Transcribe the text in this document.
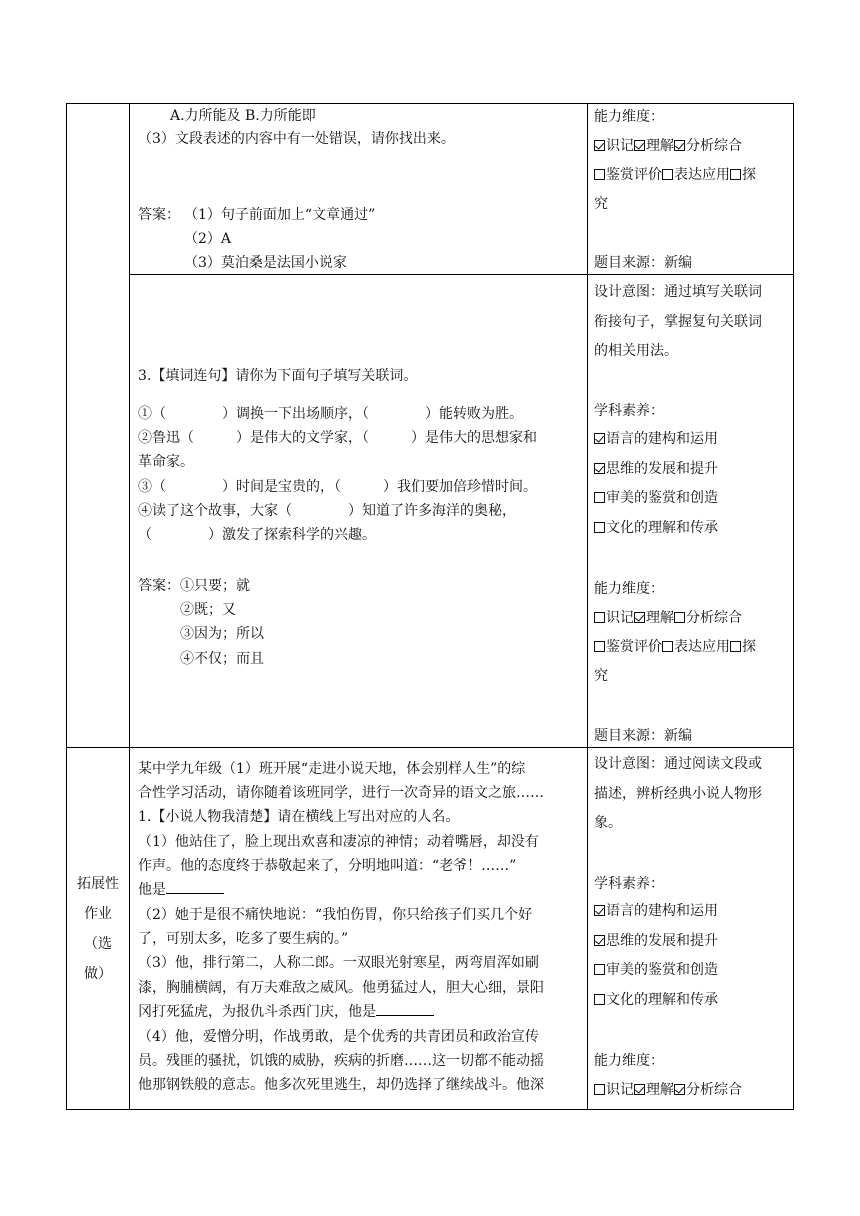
A.力所能及 B.力所能即
（3）文段表述的内容中有一处错误，请你找出来。
答案： （1）句子前面加上“文章通过”
（2）A
（3）莫泊桑是法国小说家
能力维度：
识记 理解 分析综合
鉴赏评价 表达应用 探
究
题目来源：新编
3.【填词连句】请你为下面句子填写关联词。
①（　　　　）调换一下出场顺序，（　　　　）能转败为胜。
②鲁迅（　　　）是伟大的文学家，（　　　）是伟大的思想家和
革命家。
③（　　　　）时间是宝贵的，（　　　）我们要加倍珍惜时间。
④读了这个故事，大家（　　　　）知道了许多海洋的奥秘，
（　　　　）激发了探索科学的兴趣。
答案： ①只要；就
②既；又
③因为；所以
④不仅；而且
设计意图：通过填写关联词
衔接句子，掌握复句关联词
的相关用法。
学科素养：
语言的建构和运用
思维的发展和提升
审美的鉴赏和创造
文化的理解和传承
能力维度：
识记 理解 分析综合
鉴赏评价 表达应用 探
究
题目来源：新编
拓展性
作业
（选
做）
某中学九年级（1）班开展“走进小说天地，体会别样人生”的综
合性学习活动，请你随着该班同学，进行一次奇异的语文之旅……
1.【小说人物我清楚】请在横线上写出对应的人名。
（1）他站住了，脸上现出欢喜和凄凉的神情；动着嘴唇，却没有
作声。他的态度终于恭敬起来了，分明地叫道：“老爷！……”
他是
（2）她于是很不痛快地说：“我怕伤胃，你只给孩子们买几个好
了，可别太多，吃多了要生病的。”
（3）他，排行第二，人称二郎。一双眼光射寒星，两弯眉浑如刷
漆，胸脯横阔，有万夫难敌之威风。他勇猛过人，胆大心细，景阳
冈打死猛虎，为报仇斗杀西门庆，他是
（4）他，爱憎分明，作战勇敢，是个优秀的共青团员和政治宣传
员。残匪的骚扰，饥饿的威胁，疾病的折磨……这一切都不能动摇
他那钢铁般的意志。他多次死里逃生，却仍选择了继续战斗。他深
设计意图：通过阅读文段或
描述，辨析经典小说人物形
象。
学科素养：
语言的建构和运用
思维的发展和提升
审美的鉴赏和创造
文化的理解和传承
能力维度：
识记 理解 分析综合
